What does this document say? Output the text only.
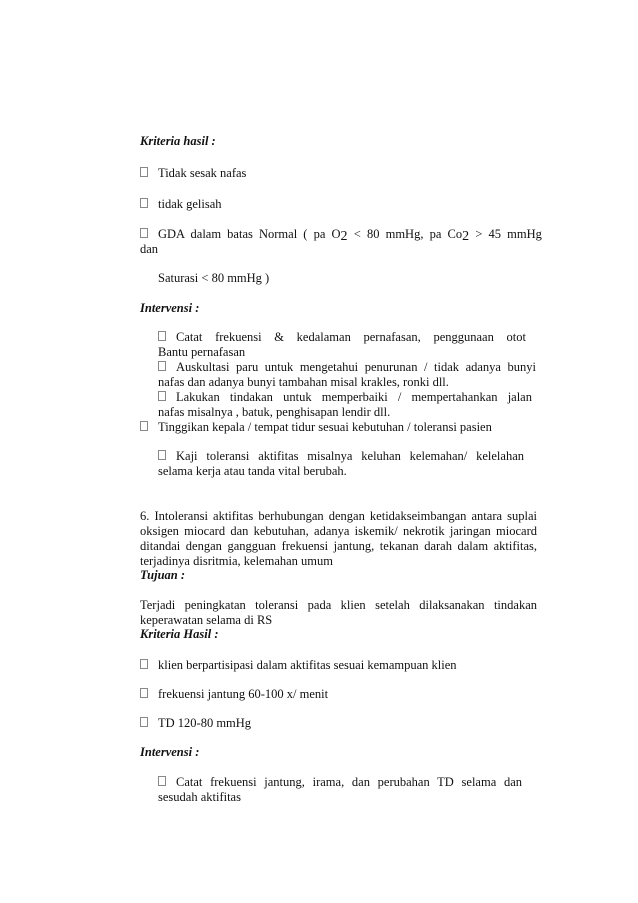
Kriteria hasil :
Tidak sesak nafas
tidak gelisah
GDA dalam batas Normal ( pa O2 < 80 mmHg, pa Co2 > 45 mmHg
dan
Saturasi < 80 mmHg )
Intervensi :
Catat frekuensi & kedalaman pernafasan, penggunaan otot
Bantu pernafasan
Auskultasi paru untuk mengetahui penurunan / tidak adanya bunyi
nafas dan adanya bunyi tambahan misal krakles, ronki dll.
Lakukan tindakan untuk memperbaiki / mempertahankan jalan
nafas misalnya , batuk, penghisapan lendir dll.
Tinggikan kepala / tempat tidur sesuai kebutuhan / toleransi pasien
Kaji toleransi aktifitas misalnya keluhan kelemahan/ kelelahan
selama kerja atau tanda vital berubah.
6. Intoleransi aktifitas berhubungan dengan ketidakseimbangan antara suplai
oksigen miocard dan kebutuhan, adanya iskemik/ nekrotik jaringan miocard
ditandai dengan gangguan frekuensi jantung, tekanan darah dalam aktifitas,
terjadinya disritmia, kelemahan umum
Tujuan :
Terjadi peningkatan toleransi pada klien setelah dilaksanakan tindakan
keperawatan selama di RS
Kriteria Hasil :
klien berpartisipasi dalam aktifitas sesuai kemampuan klien
frekuensi jantung 60-100 x/ menit
TD 120-80 mmHg
Intervensi :
Catat frekuensi jantung, irama, dan perubahan TD selama dan
sesudah aktifitas
